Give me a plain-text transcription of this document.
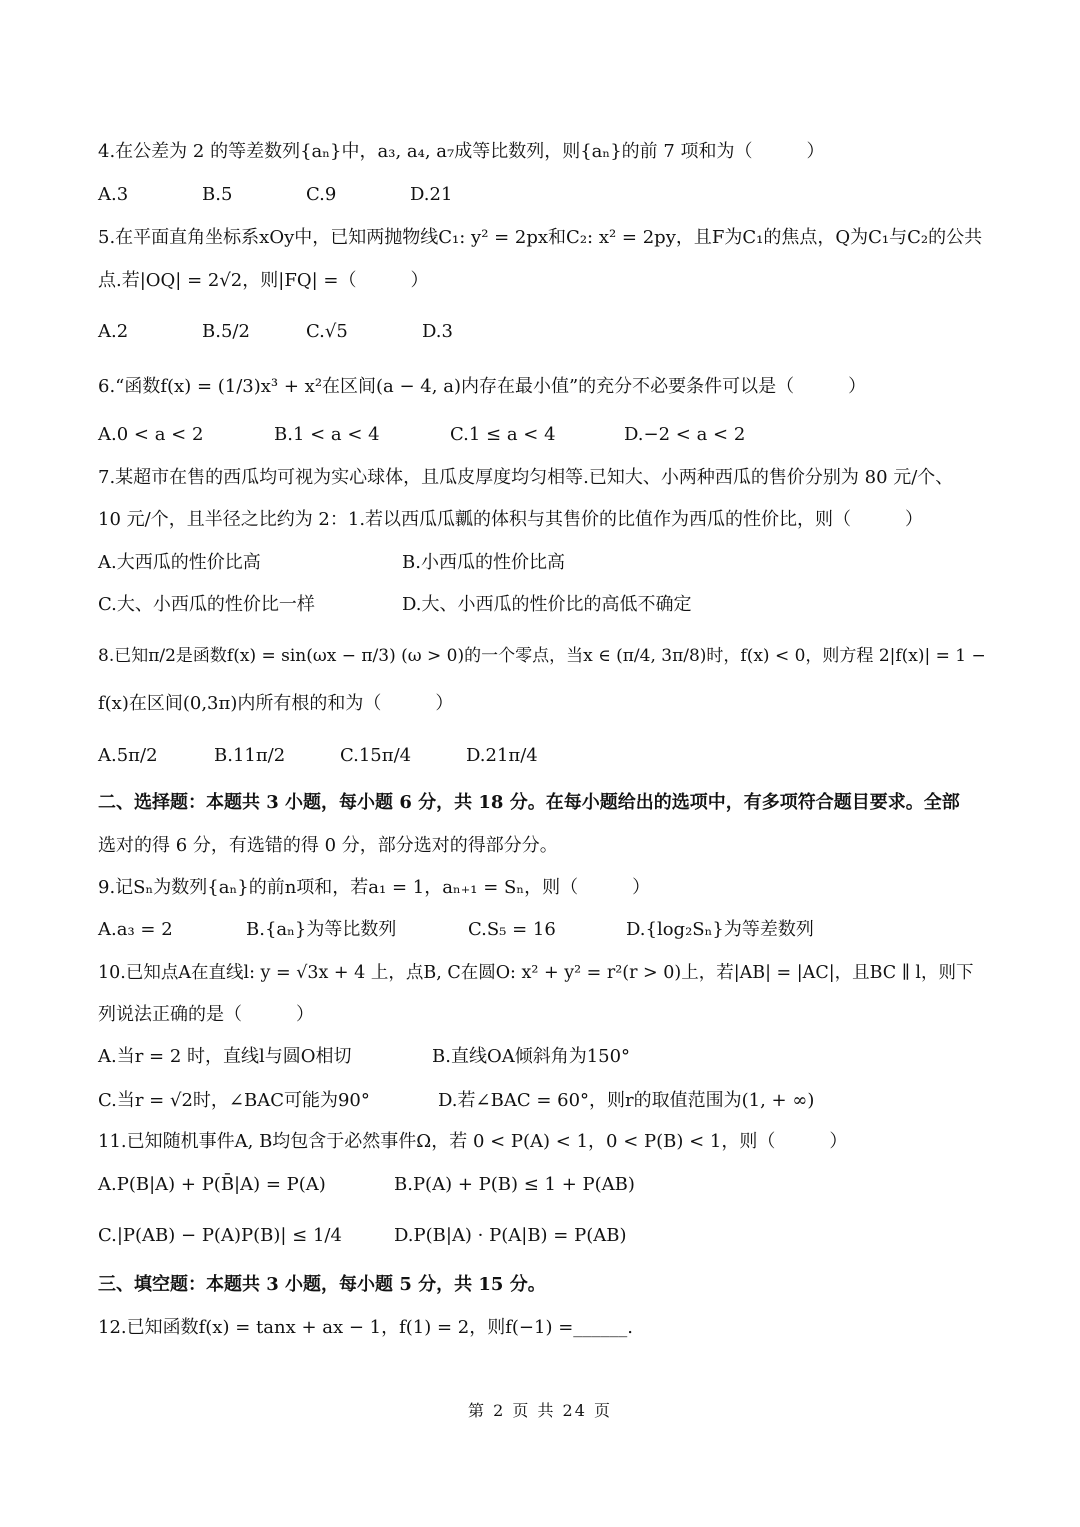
4.在公差为 2 的等差数列{aₙ}中，a₃, a₄, a₇成等比数列，则{aₙ}的前 7 项和为（　　　）
A.3	B.5	C.9	D.21
5.在平面直角坐标系xOy中，已知两抛物线C₁: y² = 2px和C₂: x² = 2py，且F为C₁的焦点，Q为C₁与C₂的公共
点.若|OQ| = 2√2，则|FQ| =（　　　）
A.2	B.5/2	C.√5	D.3
6.“函数f(x) = (1/3)x³ + x²在区间(a − 4, a)内存在最小值”的充分不必要条件可以是（　　　）
A.0 < a < 2	B.1 < a < 4	C.1 ≤ a < 4	D.−2 < a < 2
7.某超市在售的西瓜均可视为实心球体，且瓜皮厚度均匀相等.已知大、小两种西瓜的售价分别为 80 元/个、
10 元/个，且半径之比约为 2：1.若以西瓜瓜瓤的体积与其售价的比值作为西瓜的性价比，则（　　　）
A.大西瓜的性价比高	B.小西瓜的性价比高
C.大、小西瓜的性价比一样	D.大、小西瓜的性价比的高低不确定
8.已知π/2是函数f(x) = sin(ωx − π/3) (ω > 0)的一个零点，当x ∈ (π/4, 3π/8)时，f(x) < 0，则方程 2|f(x)| = 1 −
f(x)在区间(0,3π)内所有根的和为（　　　）
A.5π/2	B.11π/2	C.15π/4	D.21π/4
二、选择题：本题共 3 小题，每小题 6 分，共 18 分。在每小题给出的选项中，有多项符合题目要求。全部
选对的得 6 分，有选错的得 0 分，部分选对的得部分分。
9.记Sₙ为数列{aₙ}的前n项和，若a₁ = 1，aₙ₊₁ = Sₙ，则（　　　）
A.a₃ = 2	B.{aₙ}为等比数列	C.S₅ = 16	D.{log₂Sₙ}为等差数列
10.已知点A在直线l: y = √3x + 4 上，点B, C在圆O: x² + y² = r²(r > 0)上，若|AB| = |AC|，且BC ∥ l，则下
列说法正确的是（　　　）
A.当r = 2 时，直线l与圆O相切	B.直线OA倾斜角为150°
C.当r = √2时，∠BAC可能为90°	D.若∠BAC = 60°，则r的取值范围为(1, + ∞)
11.已知随机事件A, B均包含于必然事件Ω，若 0 < P(A) < 1，0 < P(B) < 1，则（　　　）
A.P(B|A) + P(B̄|A) = P(A)	B.P(A) + P(B) ≤ 1 + P(AB)
C.|P(AB) − P(A)P(B)| ≤ 1/4	D.P(B|A) · P(A|B) = P(AB)
三、填空题：本题共 3 小题，每小题 5 分，共 15 分。
12.已知函数f(x) = tanx + ax − 1，f(1) = 2，则f(−1) =______.
第 2 页 共 24 页
